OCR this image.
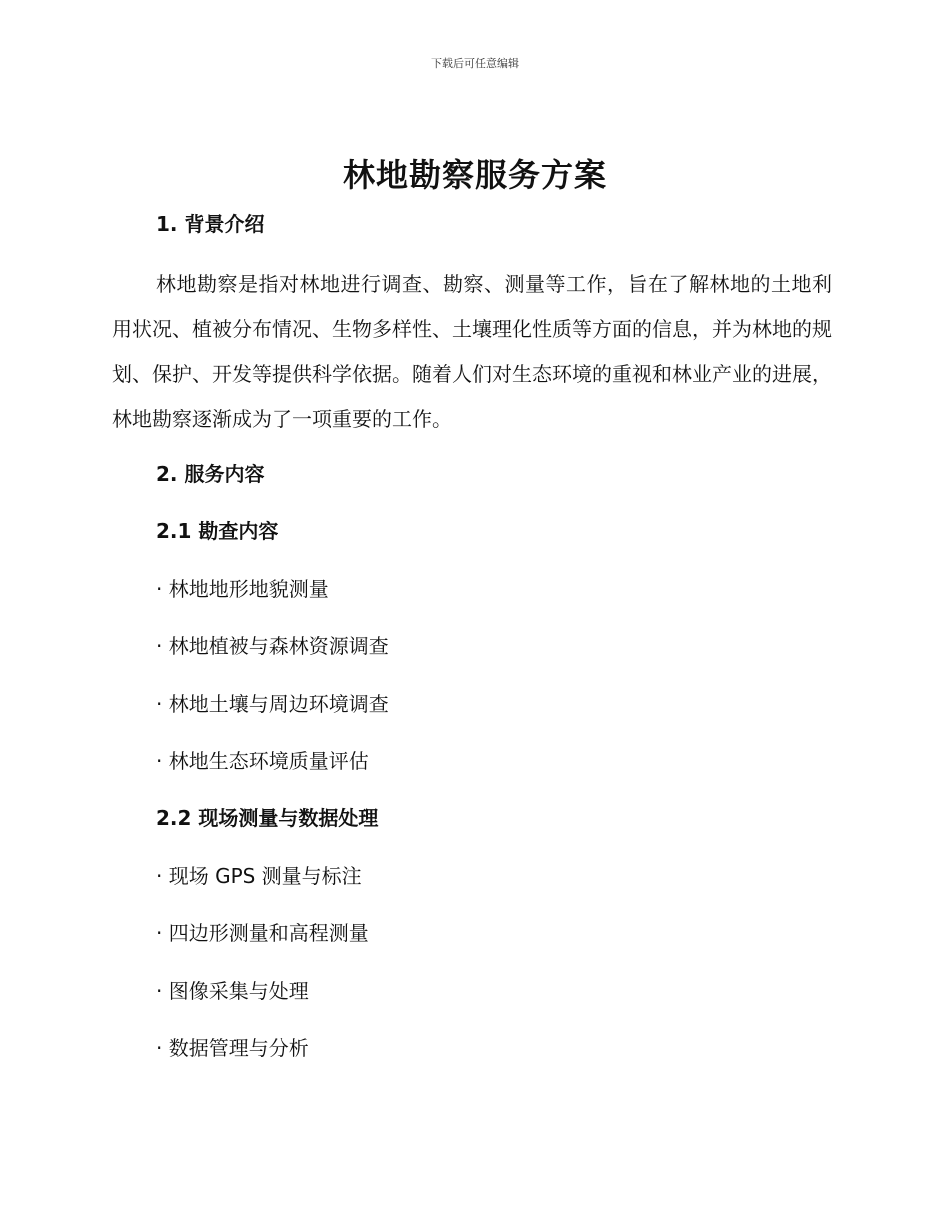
下载后可任意编辑
林地勘察服务方案
1. 背景介绍

林地勘察是指对林地进行调查、勘察、测量等工作，旨在了解林地的土地利用状况、植被分布情况、生物多样性、土壤理化性质等方面的信息，并为林地的规划、保护、开发等提供科学依据。随着人们对生态环境的重视和林业产业的进展，林地勘察逐渐成为了一项重要的工作。

2. 服务内容
2.1 勘查内容
· 林地地形地貌测量
· 林地植被与森林资源调查
· 林地土壤与周边环境调查
· 林地生态环境质量评估
2.2 现场测量与数据处理
· 现场 GPS 测量与标注
· 四边形测量和高程测量
· 图像采集与处理
· 数据管理与分析
